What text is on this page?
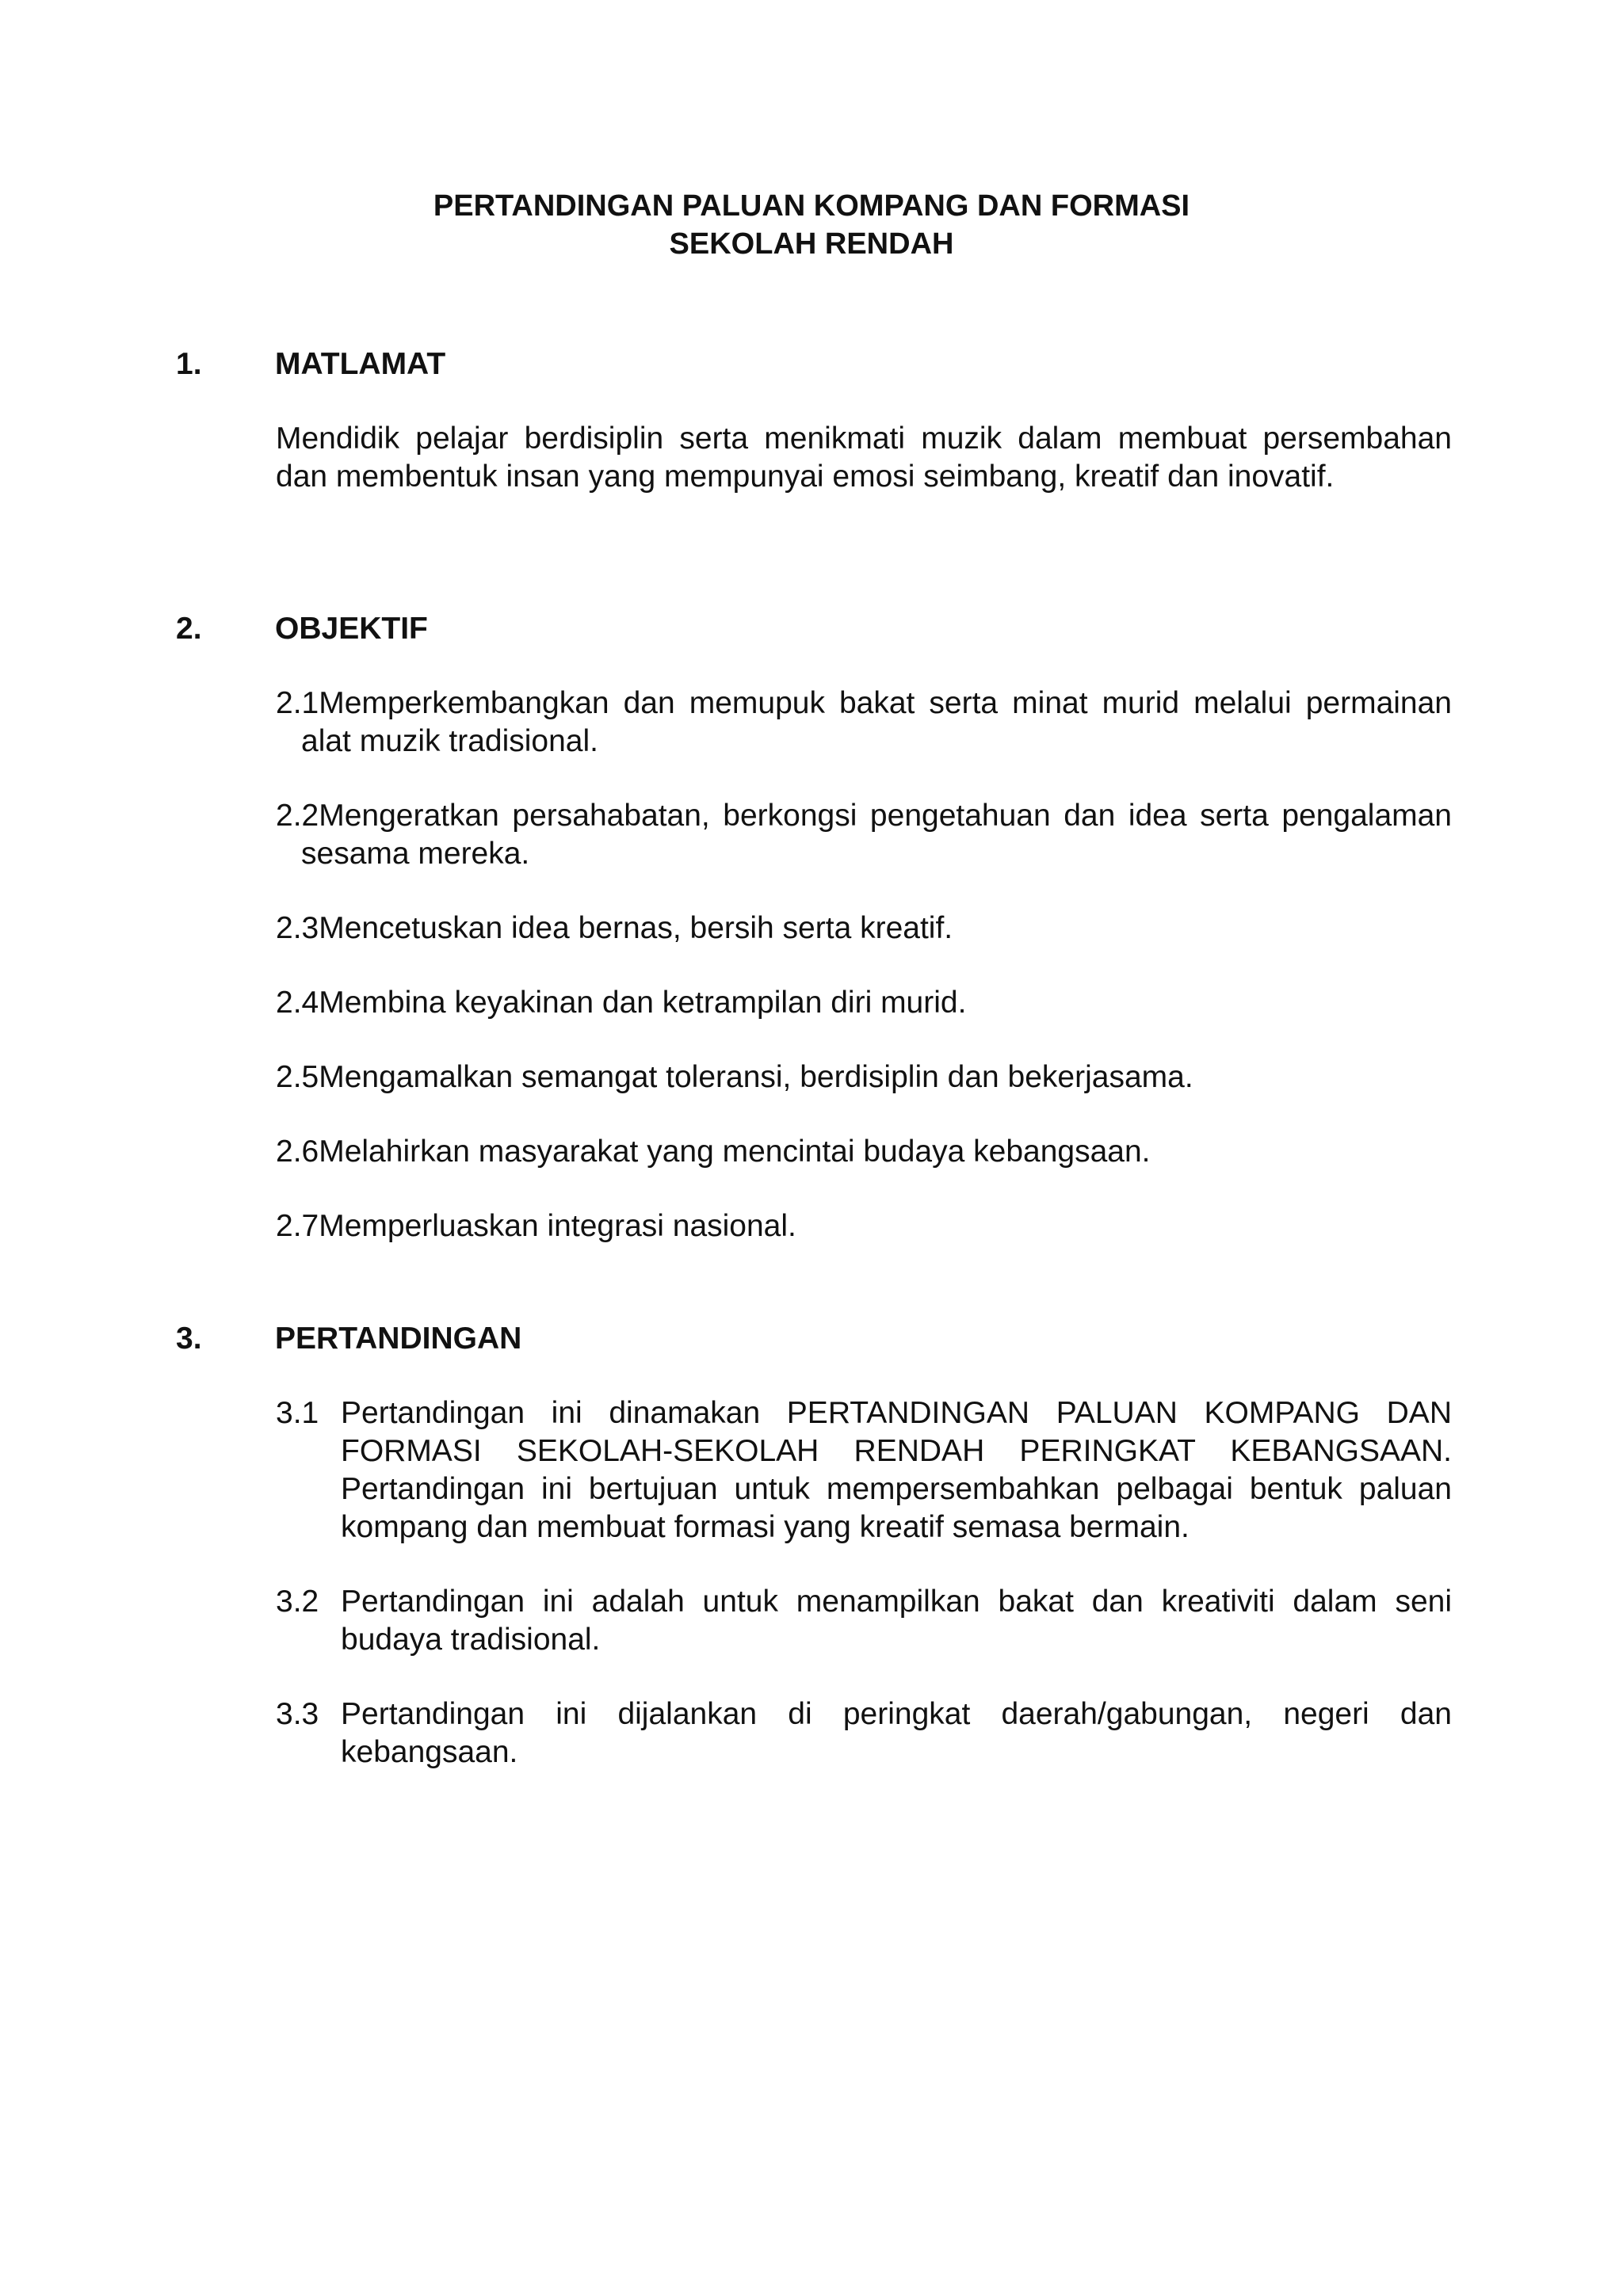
PERTANDINGAN PALUAN KOMPANG DAN FORMASI
SEKOLAH RENDAH
1. MATLAMAT
Mendidik pelajar berdisiplin serta menikmati muzik dalam membuat persembahan dan membentuk insan yang mempunyai emosi seimbang, kreatif dan inovatif.
2. OBJEKTIF
2.1Memperkembangkan dan memupuk bakat serta minat murid melalui permainan alat muzik tradisional.
2.2Mengeratkan persahabatan, berkongsi pengetahuan dan idea serta pengalaman sesama mereka.
2.3Mencetuskan idea bernas, bersih serta kreatif.
2.4Membina keyakinan dan ketrampilan diri murid.
2.5Mengamalkan semangat toleransi, berdisiplin dan bekerjasama.
2.6Melahirkan masyarakat yang mencintai budaya kebangsaan.
2.7Memperluaskan integrasi nasional.
3. PERTANDINGAN
3.1 Pertandingan ini dinamakan PERTANDINGAN PALUAN KOMPANG DAN FORMASI SEKOLAH-SEKOLAH RENDAH PERINGKAT KEBANGSAAN. Pertandingan ini bertujuan untuk mempersembahkan pelbagai bentuk paluan kompang dan membuat formasi yang kreatif semasa bermain.
3.2 Pertandingan ini adalah untuk menampilkan bakat dan kreativiti dalam seni budaya tradisional.
3.3 Pertandingan ini dijalankan di peringkat daerah/gabungan, negeri dan kebangsaan.
